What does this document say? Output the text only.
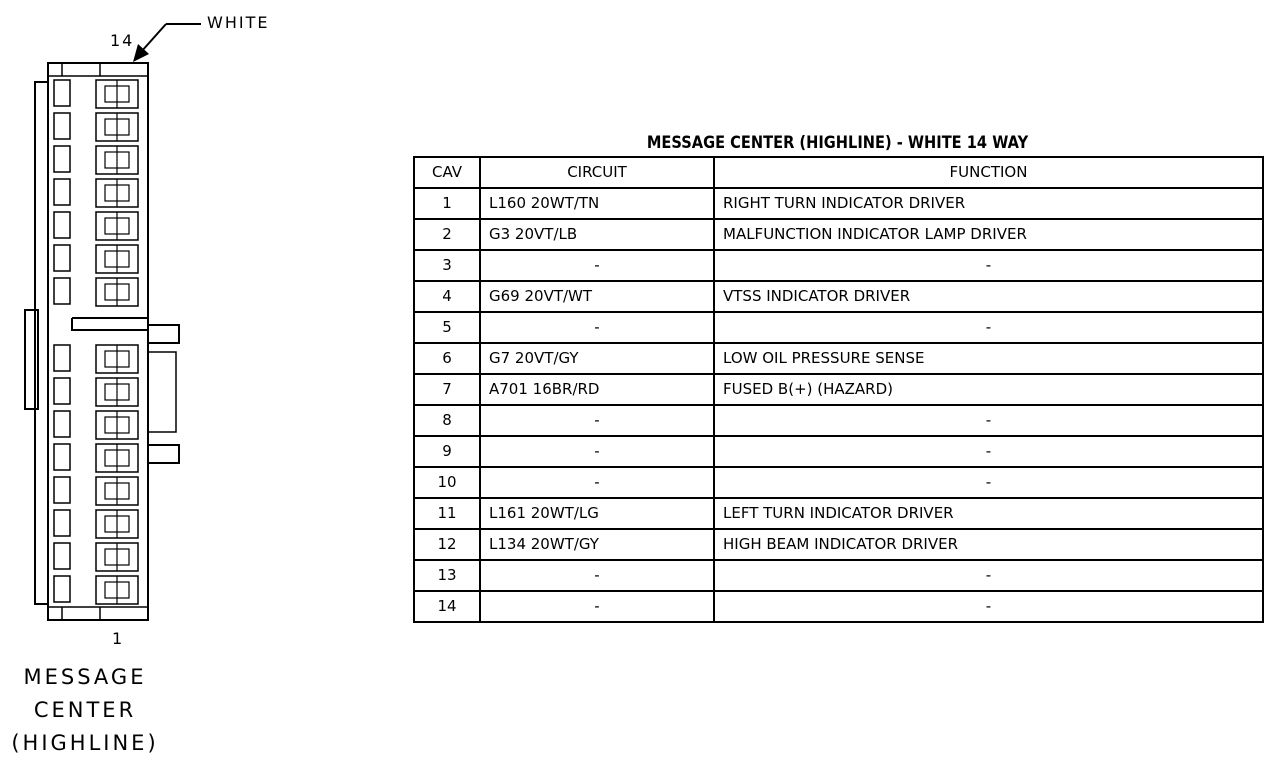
14
WHITE
1
MESSAGE
CENTER
(HIGHLINE)
MESSAGE CENTER (HIGHLINE) - WHITE 14 WAY
CAV	CIRCUIT	FUNCTION
1	L160 20WT/TN	RIGHT TURN INDICATOR DRIVER
2	G3 20VT/LB	MALFUNCTION INDICATOR LAMP DRIVER
3	-	-
4	G69 20VT/WT	VTSS INDICATOR DRIVER
5	-	-
6	G7 20VT/GY	LOW OIL PRESSURE SENSE
7	A701 16BR/RD	FUSED B(+) (HAZARD)
8	-	-
9	-	-
10	-	-
11	L161 20WT/LG	LEFT TURN INDICATOR DRIVER
12	L134 20WT/GY	HIGH BEAM INDICATOR DRIVER
13	-	-
14	-	-
